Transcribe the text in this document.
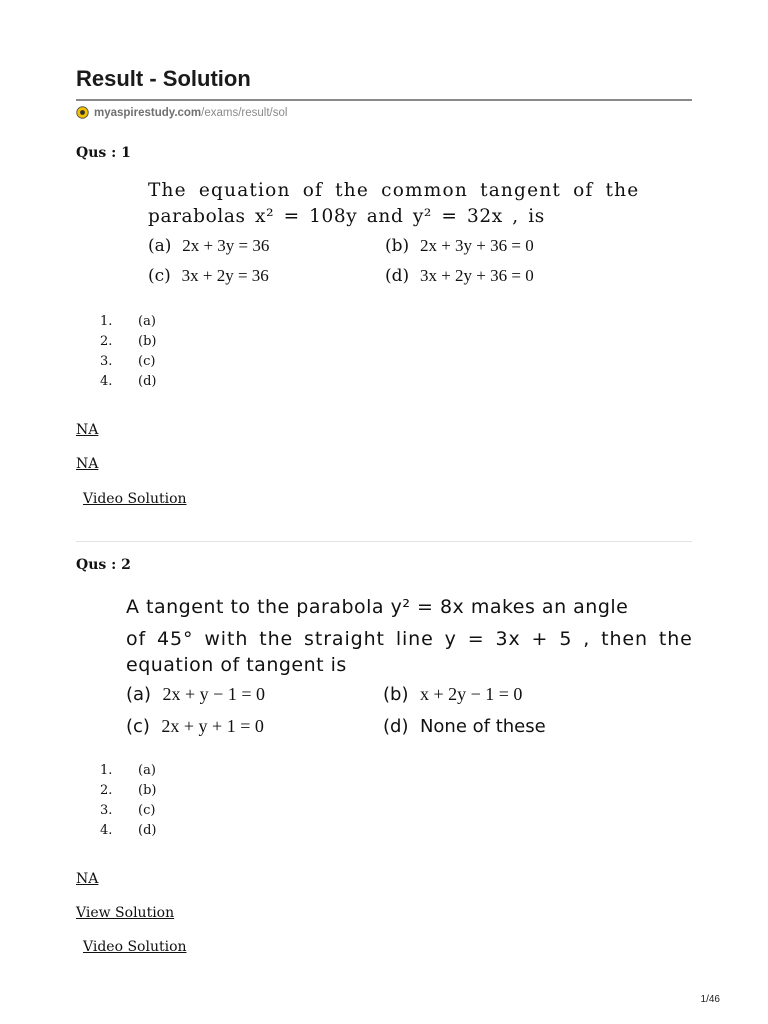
Result - Solution
myaspirestudy.com /exams/result/sol
Qus : 1
The equation of the common tangent of the
parabolas x² = 108y and y² = 32x , is
(a) 2x + 3y = 36	(b) 2x + 3y + 36 = 0
(c) 3x + 2y = 36	(d) 3x + 2y + 36 = 0
1. (a)
2. (b)
3. (c)
4. (d)
NA
NA
Video Solution
Qus : 2
A tangent to the parabola y² = 8x makes an angle
of 45° with the straight line y = 3x + 5 , then the
equation of tangent is
(a) 2x + y − 1 = 0	(b) x + 2y − 1 = 0
(c) 2x + y + 1 = 0	(d) None of these
1. (a)
2. (b)
3. (c)
4. (d)
NA
View Solution
Video Solution
1/46
